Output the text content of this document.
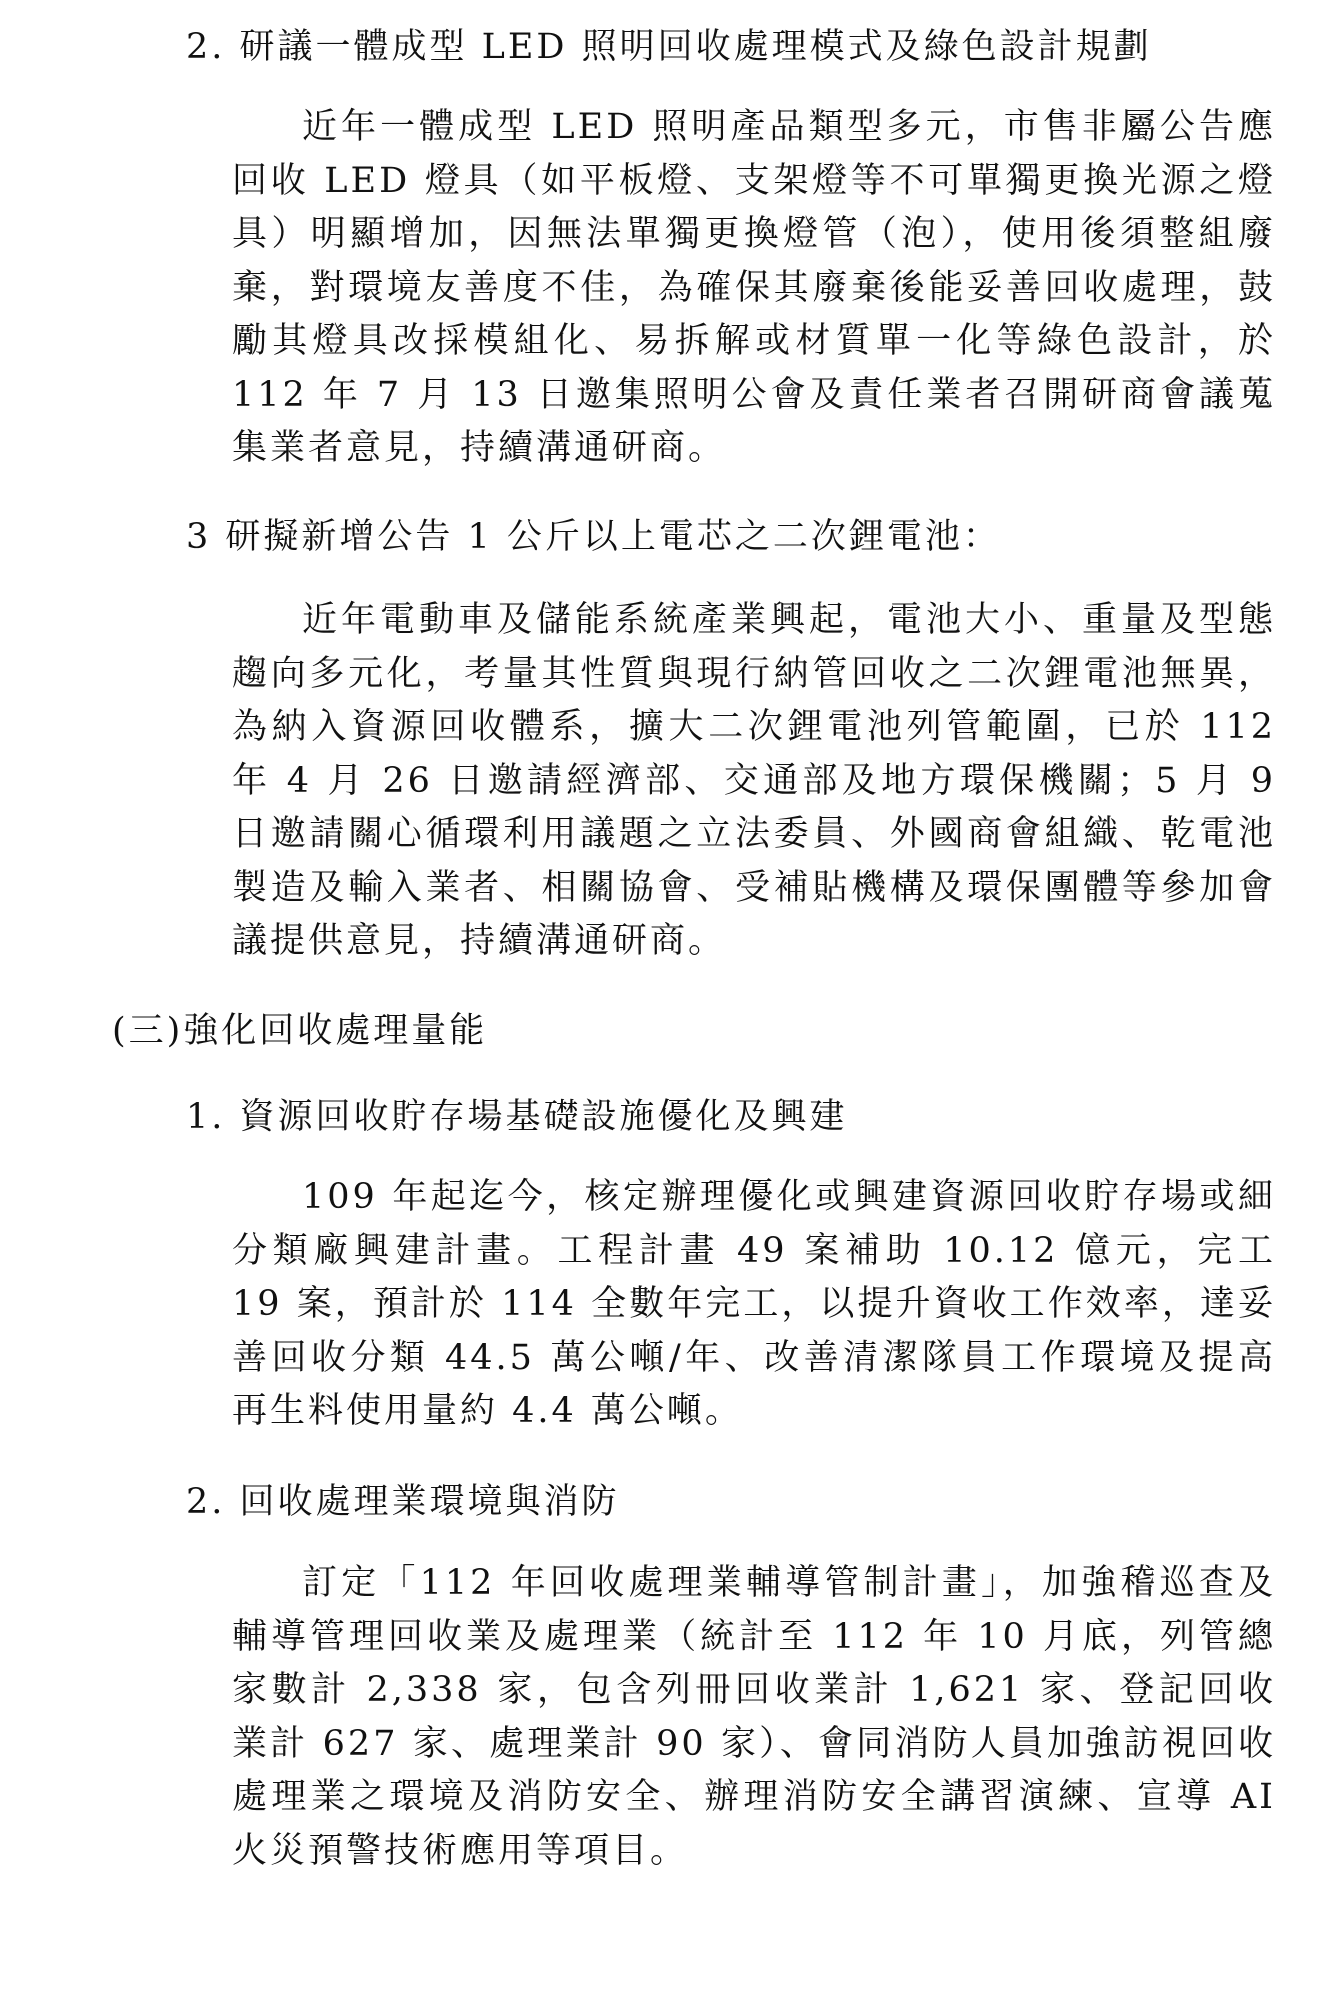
2. 研議一體成型 LED 照明回收處理模式及綠色設計規劃

近年一體成型 LED 照明產品類型多元，市售非屬公告應回收 LED 燈具（如平板燈、支架燈等不可單獨更換光源之燈具）明顯增加，因無法單獨更換燈管（泡），使用後須整組廢棄，對環境友善度不佳，為確保其廢棄後能妥善回收處理，鼓勵其燈具改採模組化、易拆解或材質單一化等綠色設計，於 112 年 7 月 13 日邀集照明公會及責任業者召開研商會議蒐集業者意見，持續溝通研商。

3 研擬新增公告 1 公斤以上電芯之二次鋰電池：

近年電動車及儲能系統產業興起，電池大小、重量及型態趨向多元化，考量其性質與現行納管回收之二次鋰電池無異，為納入資源回收體系，擴大二次鋰電池列管範圍，已於 112 年 4 月 26 日邀請經濟部、交通部及地方環保機關；5 月 9 日邀請關心循環利用議題之立法委員、外國商會組織、乾電池製造及輸入業者、相關協會、受補貼機構及環保團體等參加會議提供意見，持續溝通研商。

(三)強化回收處理量能
1. 資源回收貯存場基礎設施優化及興建

109 年起迄今，核定辦理優化或興建資源回收貯存場或細分類廠興建計畫。工程計畫 49 案補助 10.12 億元，完工 19 案，預計於 114 全數年完工，以提升資收工作效率，達妥善回收分類 44.5 萬公噸/年、改善清潔隊員工作環境及提高再生料使用量約 4.4 萬公噸。

2. 回收處理業環境與消防

訂定「112 年回收處理業輔導管制計畫」，加強稽巡查及輔導管理回收業及處理業（統計至 112 年 10 月底，列管總家數計 2,338 家，包含列冊回收業計 1,621 家、登記回收業計 627 家、處理業計 90 家）、會同消防人員加強訪視回收處理業之環境及消防安全、辦理消防安全講習演練、宣導 AI 火災預警技術應用等項目。
